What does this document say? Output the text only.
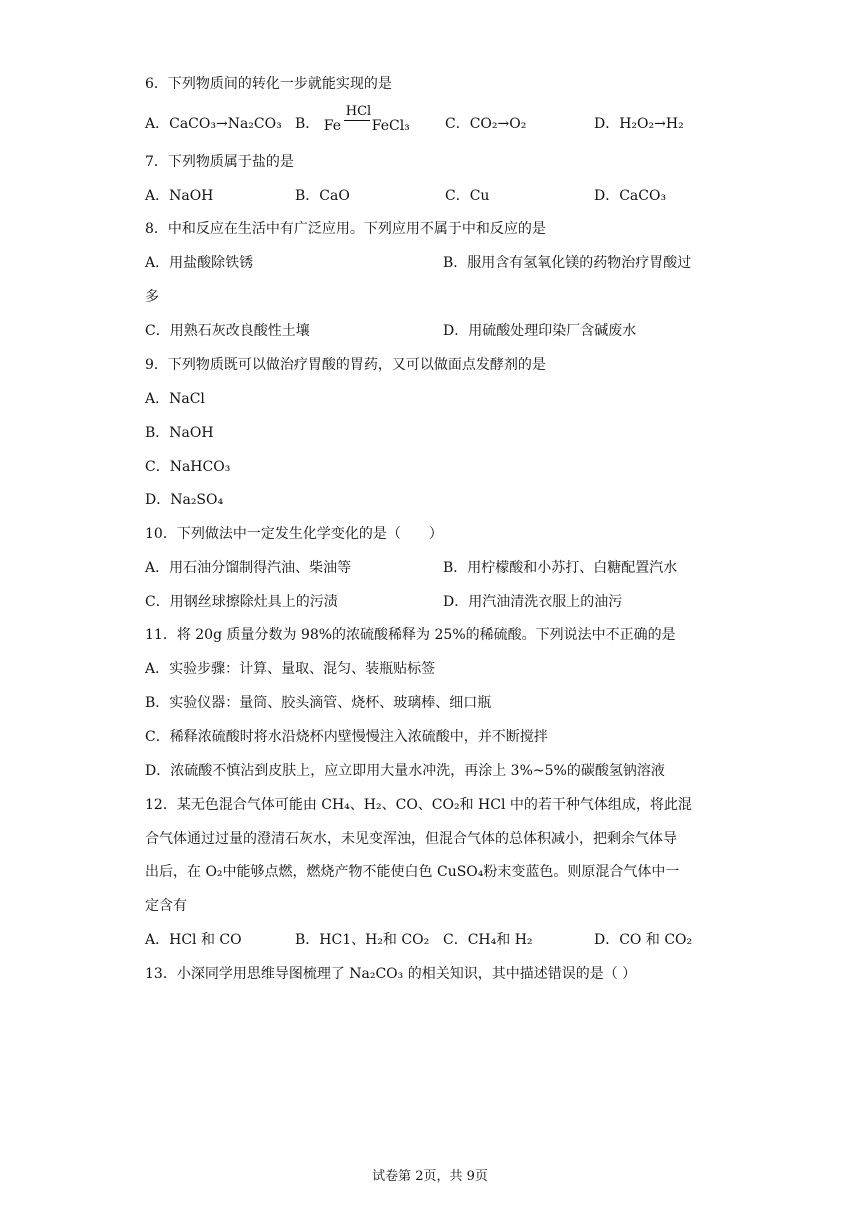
6．下列物质间的转化一步就能实现的是
A．CaCO₃→Na₂CO₃ B． Fe
HCl
FeCl₃	C．CO₂→O₂	D．H₂O₂→H₂
7．下列物质属于盐的是
A．NaOH	B．CaO	C．Cu	D．CaCO₃
8．中和反应在生活中有广泛应用。下列应用不属于中和反应的是
A．用盐酸除铁锈	B．服用含有氢氧化镁的药物治疗胃酸过
多
C．用熟石灰改良酸性土壤	D．用硫酸处理印染厂含碱废水
9．下列物质既可以做治疗胃酸的胃药，又可以做面点发酵剂的是
A．NaCl
B．NaOH
C．NaHCO₃
D．Na₂SO₄
10．下列做法中一定发生化学变化的是（　　）
A．用石油分馏制得汽油、柴油等	B．用柠檬酸和小苏打、白糖配置汽水
C．用钢丝球擦除灶具上的污渍	D．用汽油清洗衣服上的油污
11．将 20g 质量分数为 98%的浓硫酸稀释为 25%的稀硫酸。下列说法中不正确的是
A．实验步骤：计算、量取、混匀、装瓶贴标签
B．实验仪器：量筒、胶头滴管、烧杯、玻璃棒、细口瓶
C．稀释浓硫酸时将水沿烧杯内壁慢慢注入浓硫酸中，并不断搅拌
D．浓硫酸不慎沾到皮肤上，应立即用大量水冲洗，再涂上 3%~5%的碳酸氢钠溶液
12．某无色混合气体可能由 CH₄、H₂、CO、CO₂和 HCl 中的若干种气体组成，将此混
合气体通过过量的澄清石灰水，未见变浑浊，但混合气体的总体积减小，把剩余气体导
出后，在 O₂中能够点燃，燃烧产物不能使白色 CuSO₄粉末变蓝色。则原混合气体中一
定含有
A．HCl 和 CO	B．HC1、H₂和 CO₂ C．CH₄和 H₂	D．CO 和 CO₂
13．小深同学用思维导图梳理了 Na₂CO₃ 的相关知识，其中描述错误的是（ ）
试卷第 2页，共 9页
